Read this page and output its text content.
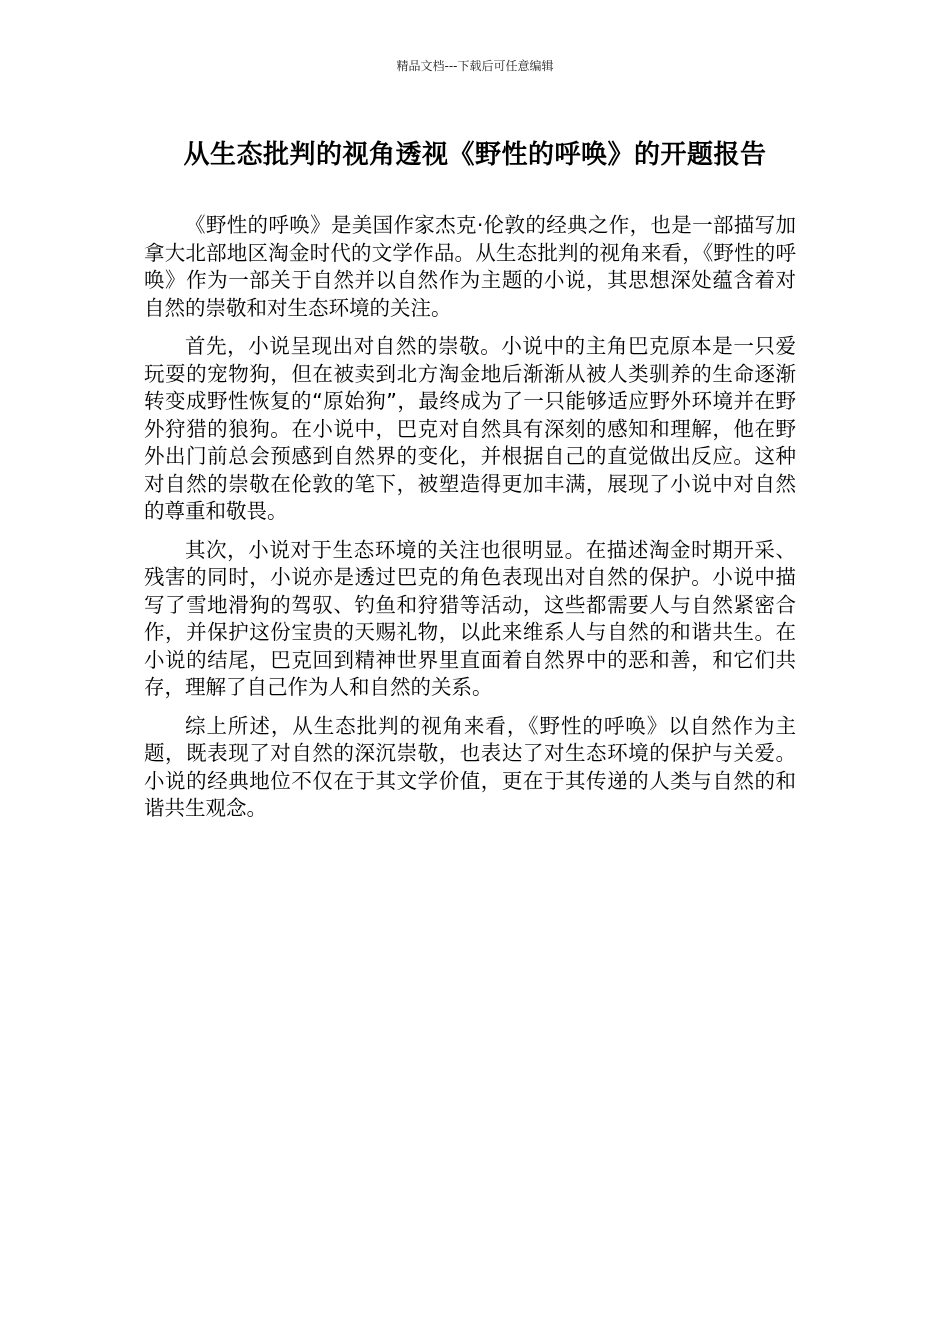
精品文档---下载后可任意编辑
从生态批判的视角透视《野性的呼唤》的开题报告

《野性的呼唤》是美国作家杰克·伦敦的经典之作，也是一部描写加拿大北部地区淘金时代的文学作品。从生态批判的视角来看，《野性的呼唤》作为一部关于自然并以自然作为主题的小说，其思想深处蕴含着对自然的崇敬和对生态环境的关注。

首先，小说呈现出对自然的崇敬。小说中的主角巴克原本是一只爱玩耍的宠物狗，但在被卖到北方淘金地后渐渐从被人类驯养的生命逐渐转变成野性恢复的“原始狗”，最终成为了一只能够适应野外环境并在野外狩猎的狼狗。在小说中，巴克对自然具有深刻的感知和理解，他在野外出门前总会预感到自然界的变化，并根据自己的直觉做出反应。这种对自然的崇敬在伦敦的笔下，被塑造得更加丰满，展现了小说中对自然的尊重和敬畏。

其次，小说对于生态环境的关注也很明显。在描述淘金时期开采、残害的同时，小说亦是透过巴克的角色表现出对自然的保护。小说中描写了雪地滑狗的驾驭、钓鱼和狩猎等活动，这些都需要人与自然紧密合作，并保护这份宝贵的天赐礼物，以此来维系人与自然的和谐共生。在小说的结尾，巴克回到精神世界里直面着自然界中的恶和善，和它们共存，理解了自己作为人和自然的关系。

综上所述，从生态批判的视角来看，《野性的呼唤》以自然作为主题，既表现了对自然的深沉崇敬，也表达了对生态环境的保护与关爱。小说的经典地位不仅在于其文学价值，更在于其传递的人类与自然的和谐共生观念。
